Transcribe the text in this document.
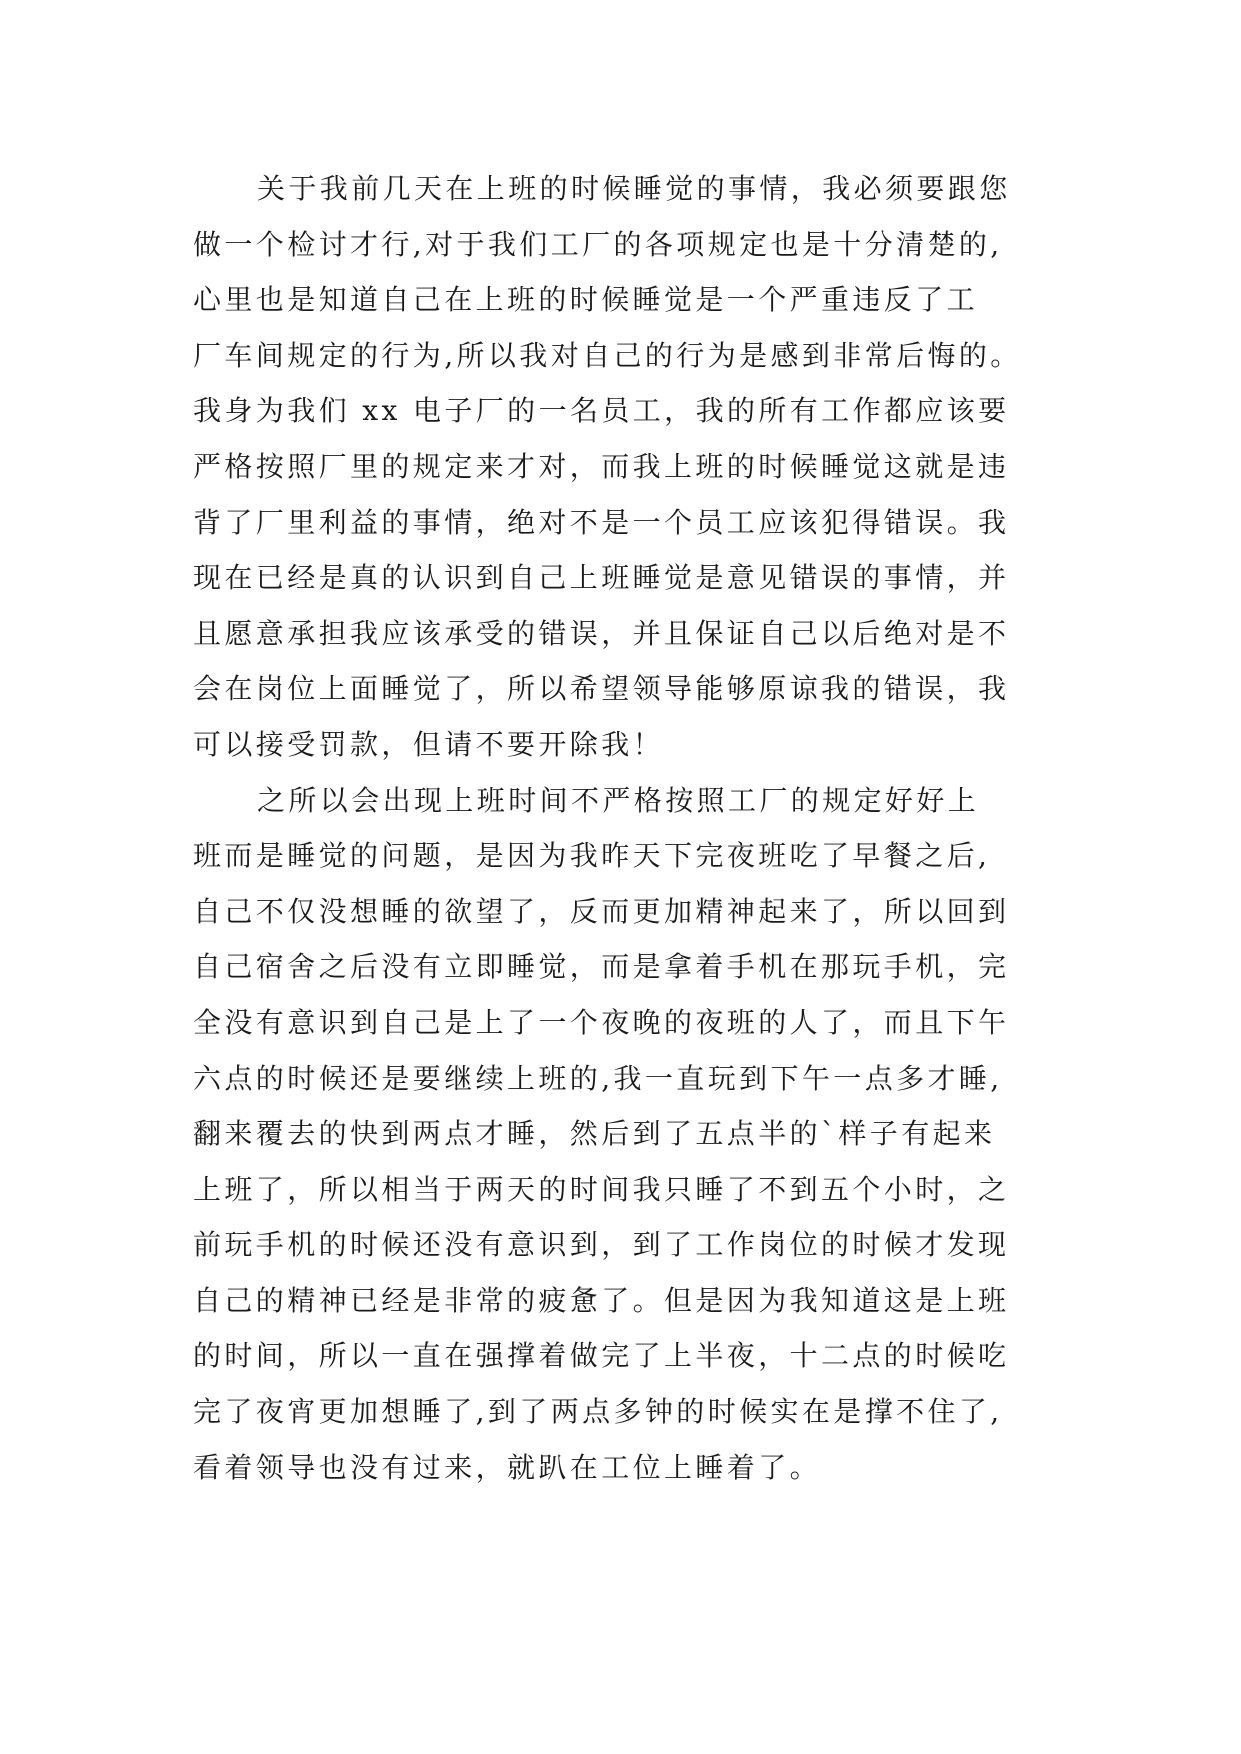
关于我前几天在上班的时候睡觉的事情，我必须要跟您
做一个检讨才行,对于我们工厂的各项规定也是十分清楚的,
心里也是知道自己在上班的时候睡觉是一个严重违反了工
厂车间规定的行为,所以我对自己的行为是感到非常后悔的。
我身为我们 xx 电子厂的一名员工，我的所有工作都应该要
严格按照厂里的规定来才对，而我上班的时候睡觉这就是违
背了厂里利益的事情，绝对不是一个员工应该犯得错误。我
现在已经是真的认识到自己上班睡觉是意见错误的事情，并
且愿意承担我应该承受的错误，并且保证自己以后绝对是不
会在岗位上面睡觉了，所以希望领导能够原谅我的错误，我
可以接受罚款，但请不要开除我！
之所以会出现上班时间不严格按照工厂的规定好好上
班而是睡觉的问题，是因为我昨天下完夜班吃了早餐之后,
自己不仅没想睡的欲望了，反而更加精神起来了，所以回到
自己宿舍之后没有立即睡觉，而是拿着手机在那玩手机，完
全没有意识到自己是上了一个夜晚的夜班的人了，而且下午
六点的时候还是要继续上班的,我一直玩到下午一点多才睡,
翻来覆去的快到两点才睡，然后到了五点半的`样子有起来
上班了，所以相当于两天的时间我只睡了不到五个小时，之
前玩手机的时候还没有意识到，到了工作岗位的时候才发现
自己的精神已经是非常的疲惫了。但是因为我知道这是上班
的时间，所以一直在强撑着做完了上半夜，十二点的时候吃
完了夜宵更加想睡了,到了两点多钟的时候实在是撑不住了,
看着领导也没有过来，就趴在工位上睡着了。
